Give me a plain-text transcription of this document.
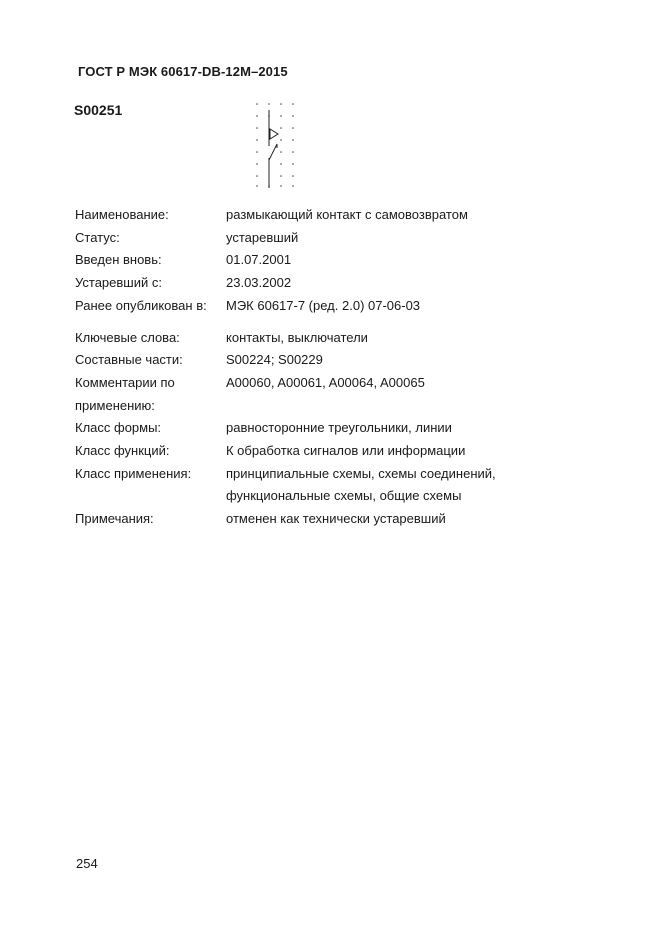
ГОСТ Р МЭК 60617-DB-12M–2015
S00251
Наименование:	размыкающий контакт с самовозвратом
Статус:	устаревший
Введен вновь:	01.07.2001
Устаревший с:	23.03.2002
Ранее опубликован в:	МЭК 60617-7 (ред. 2.0) 07-06-03
Ключевые слова:	контакты, выключатели
Составные части:	S00224; S00229
Комментарии по	A00060, A00061, A00064, A00065
применению:
Класс формы:	равносторонние треугольники, линии
Класс функций:	К обработка сигналов или информации
Класс применения:	принципиальные схемы, схемы соединений,
функциональные схемы, общие схемы
Примечания:	отменен как технически устаревший
254
